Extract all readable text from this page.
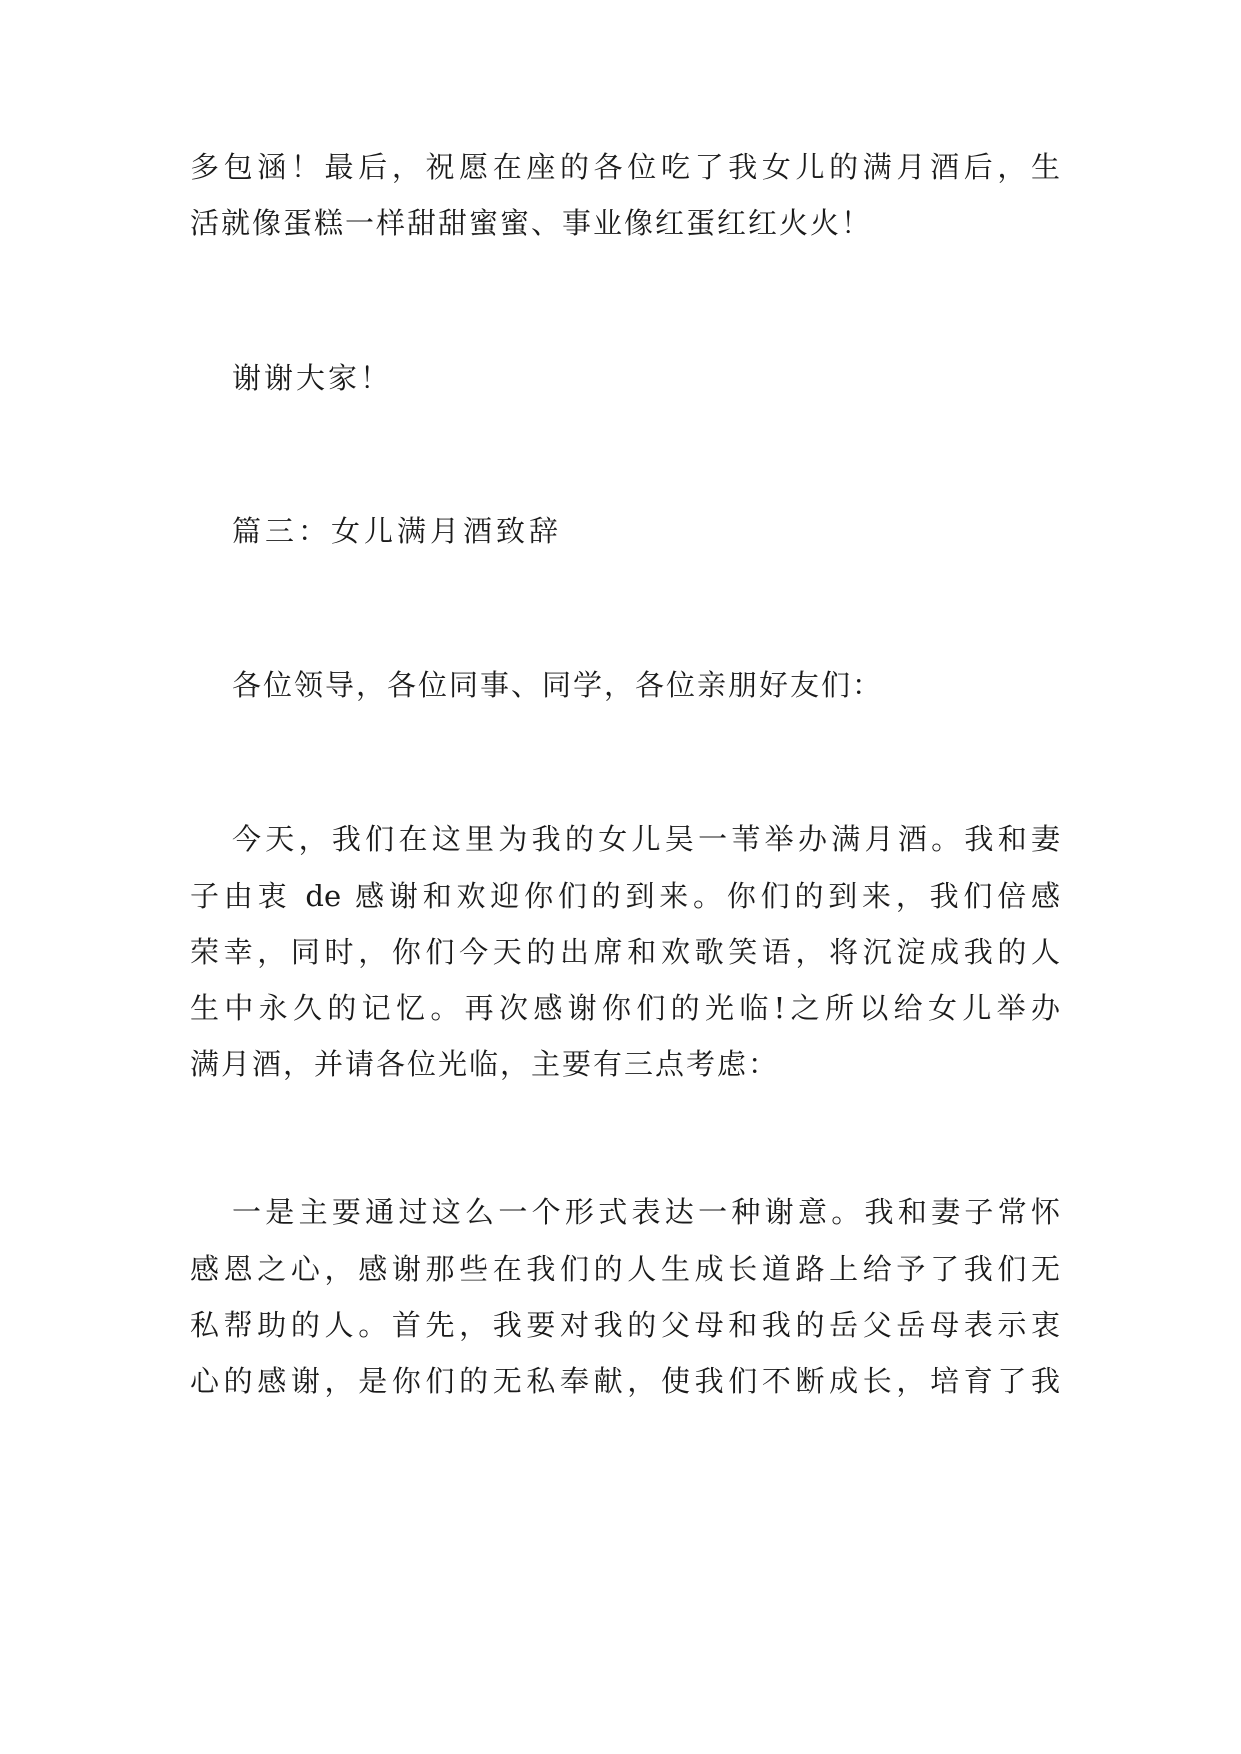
多包涵！最后，祝愿在座的各位吃了我女儿的满月酒后，生
活就像蛋糕一样甜甜蜜蜜、事业像红蛋红红火火！
谢谢大家！
篇三：女儿满月酒致辞
各位领导，各位同事、同学，各位亲朋好友们：
今天，我们在这里为我的女儿吴一苇举办满月酒。我和妻
子由衷 de 感谢和欢迎你们的到来。你们的到来，我们倍感
荣幸，同时，你们今天的出席和欢歌笑语，将沉淀成我的人
生中永久的记忆。再次感谢你们的光临!之所以给女儿举办
满月酒，并请各位光临，主要有三点考虑：
一是主要通过这么一个形式表达一种谢意。我和妻子常怀
感恩之心，感谢那些在我们的人生成长道路上给予了我们无
私帮助的人。首先，我要对我的父母和我的岳父岳母表示衷
心的感谢，是你们的无私奉献，使我们不断成长，培育了我
